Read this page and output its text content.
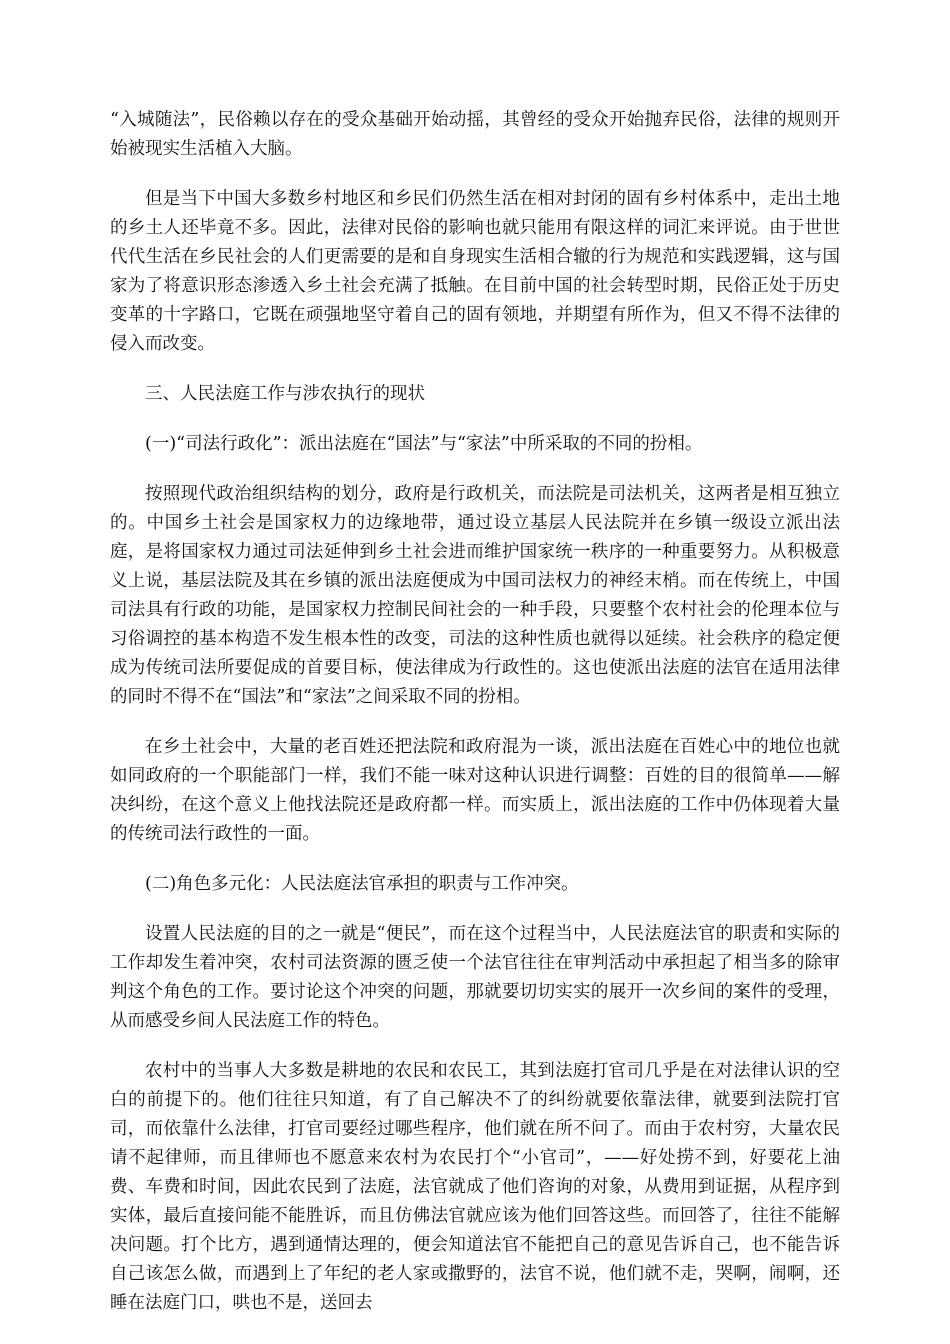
“入城随法”，民俗赖以存在的受众基础开始动摇，其曾经的受众开始抛弃民俗，法律的规则开始被现实生活植入大脑。

但是当下中国大多数乡村地区和乡民们仍然生活在相对封闭的固有乡村体系中，走出土地的乡土人还毕竟不多。因此，法律对民俗的影响也就只能用有限这样的词汇来评说。由于世世代代生活在乡民社会的人们更需要的是和自身现实生活相合辙的行为规范和实践逻辑，这与国家为了将意识形态渗透入乡土社会充满了抵触。在目前中国的社会转型时期，民俗正处于历史变革的十字路口，它既在顽强地坚守着自己的固有领地，并期望有所作为，但又不得不法律的侵入而改变。

三、人民法庭工作与涉农执行的现状

(一)“司法行政化”：派出法庭在“国法”与“家法”中所采取的不同的扮相。

按照现代政治组织结构的划分，政府是行政机关，而法院是司法机关，这两者是相互独立的。中国乡土社会是国家权力的边缘地带，通过设立基层人民法院并在乡镇一级设立派出法庭，是将国家权力通过司法延伸到乡土社会进而维护国家统一秩序的一种重要努力。从积极意义上说，基层法院及其在乡镇的派出法庭便成为中国司法权力的神经末梢。而在传统上，中国司法具有行政的功能，是国家权力控制民间社会的一种手段，只要整个农村社会的伦理本位与习俗调控的基本构造不发生根本性的改变，司法的这种性质也就得以延续。社会秩序的稳定便成为传统司法所要促成的首要目标，使法律成为行政性的。这也使派出法庭的法官在适用法律的同时不得不在“国法”和“家法”之间采取不同的扮相。

在乡土社会中，大量的老百姓还把法院和政府混为一谈，派出法庭在百姓心中的地位也就如同政府的一个职能部门一样，我们不能一味对这种认识进行调整：百姓的目的很简单——解决纠纷，在这个意义上他找法院还是政府都一样。而实质上，派出法庭的工作中仍体现着大量的传统司法行政性的一面。

(二)角色多元化：人民法庭法官承担的职责与工作冲突。

设置人民法庭的目的之一就是“便民”，而在这个过程当中，人民法庭法官的职责和实际的工作却发生着冲突，农村司法资源的匮乏使一个法官往往在审判活动中承担起了相当多的除审判这个角色的工作。要讨论这个冲突的问题，那就要切切实实的展开一次乡间的案件的受理，从而感受乡间人民法庭工作的特色。

农村中的当事人大多数是耕地的农民和农民工，其到法庭打官司几乎是在对法律认识的空白的前提下的。他们往往只知道，有了自己解决不了的纠纷就要依靠法律，就要到法院打官司，而依靠什么法律，打官司要经过哪些程序，他们就在所不问了。而由于农村穷，大量农民请不起律师，而且律师也不愿意来农村为农民打个“小官司”，——好处捞不到，好要花上油费、车费和时间，因此农民到了法庭，法官就成了他们咨询的对象，从费用到证据，从程序到实体，最后直接问能不能胜诉，而且仿佛法官就应该为他们回答这些。而回答了，往往不能解决问题。打个比方，遇到通情达理的，便会知道法官不能把自己的意见告诉自己，也不能告诉自己该怎么做，而遇到上了年纪的老人家或撒野的，法官不说，他们就不走，哭啊，闹啊，还睡在法庭门口，哄也不是，送回去
